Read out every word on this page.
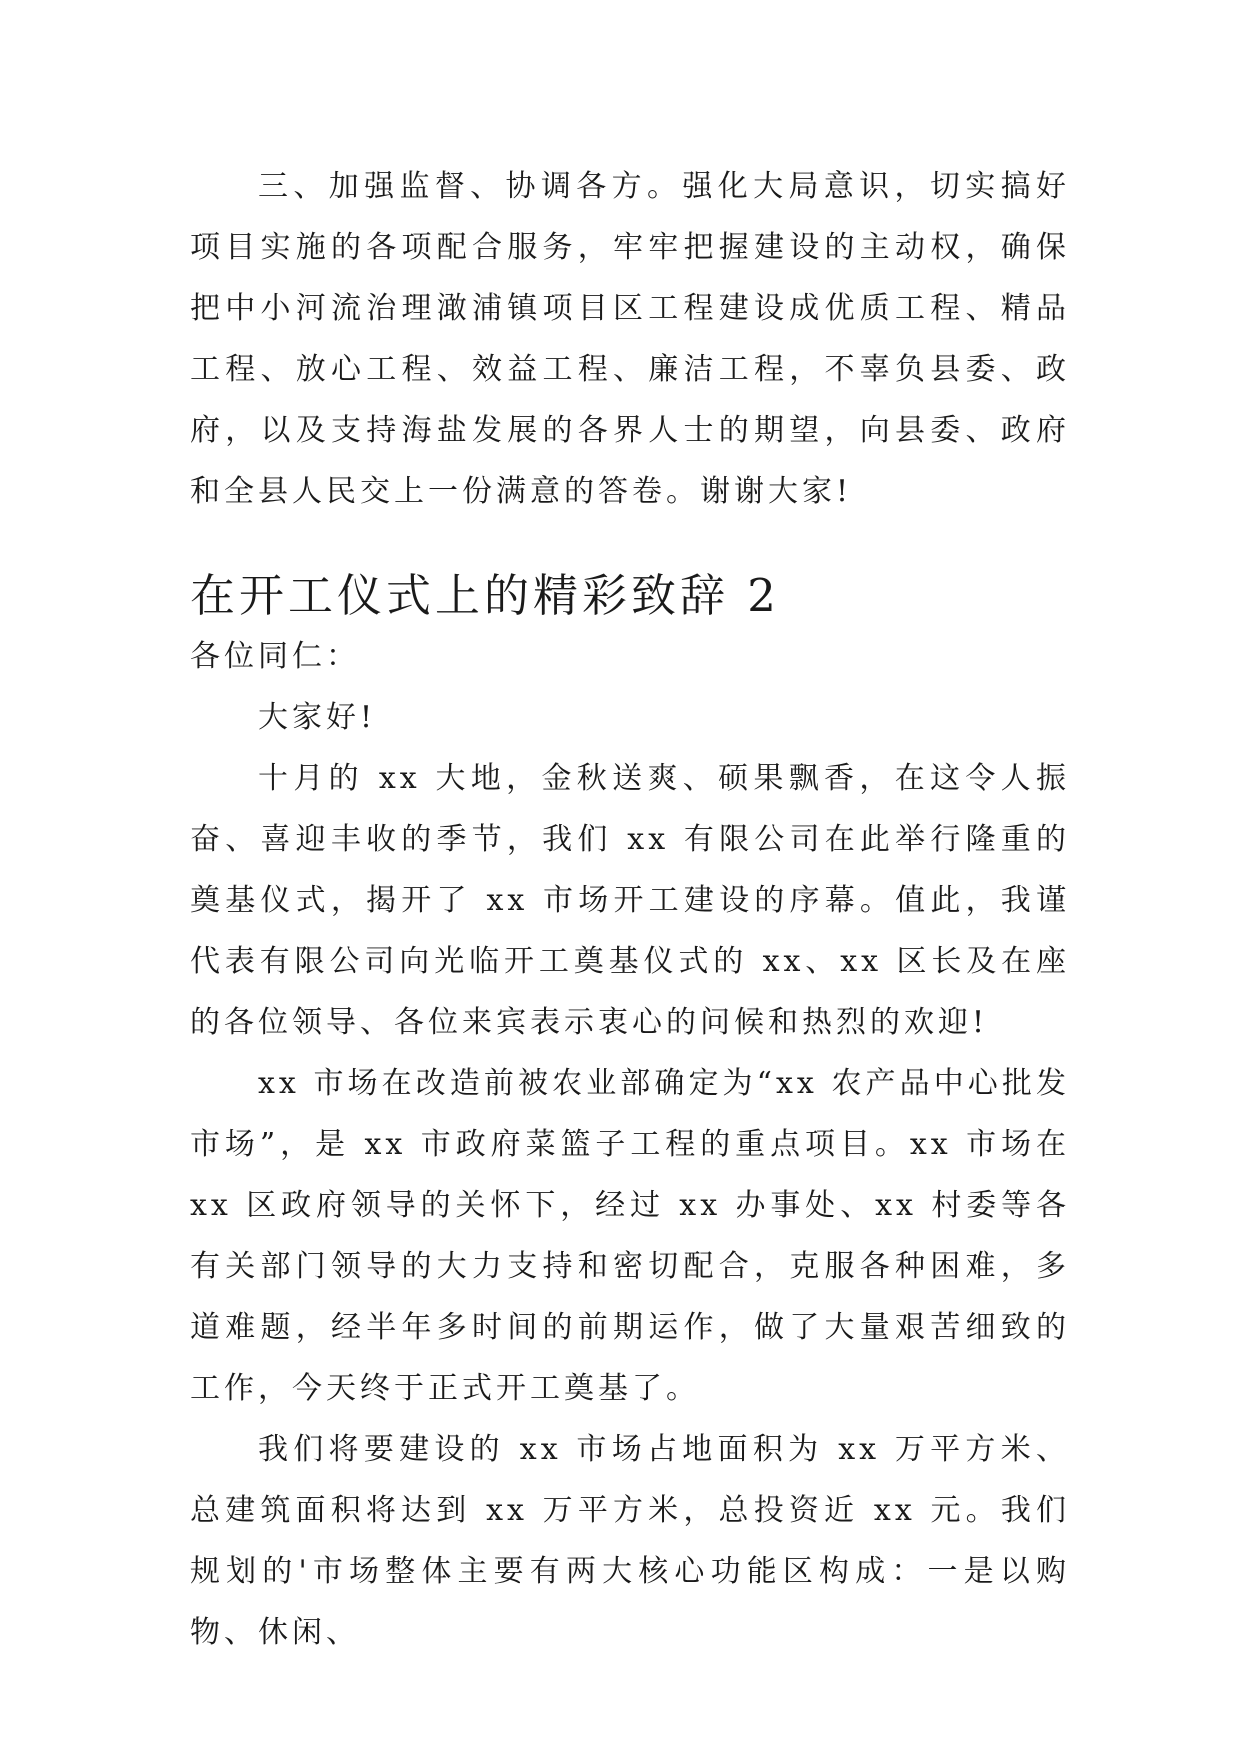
三、加强监督、协调各方。强化大局意识，切实搞好项目实施的各项配合服务，牢牢把握建设的主动权，确保把中小河流治理澉浦镇项目区工程建设成优质工程、精品工程、放心工程、效益工程、廉洁工程，不辜负县委、政府，以及支持海盐发展的各界人士的期望，向县委、政府和全县人民交上一份满意的答卷。谢谢大家!

在开工仪式上的精彩致辞 2

各位同仁：

大家好!

十月的 xx 大地，金秋送爽、硕果飘香，在这令人振奋、喜迎丰收的季节，我们 xx 有限公司在此举行隆重的奠基仪式，揭开了 xx 市场开工建设的序幕。值此，我谨代表有限公司向光临开工奠基仪式的 xx、xx 区长及在座的各位领导、各位来宾表示衷心的问候和热烈的欢迎!

xx 市场在改造前被农业部确定为“xx 农产品中心批发市场”，是 xx 市政府菜篮子工程的重点项目。xx 市场在 xx 区政府领导的关怀下，经过 xx 办事处、xx 村委等各有关部门领导的大力支持和密切配合，克服各种困难，多道难题，经半年多时间的前期运作，做了大量艰苦细致的工作，今天终于正式开工奠基了。

我们将要建设的 xx 市场占地面积为 xx 万平方米、总建筑面积将达到 xx 万平方米，总投资近 xx 元。我们规划的'市场整体主要有两大核心功能区构成：一是以购物、休闲、
